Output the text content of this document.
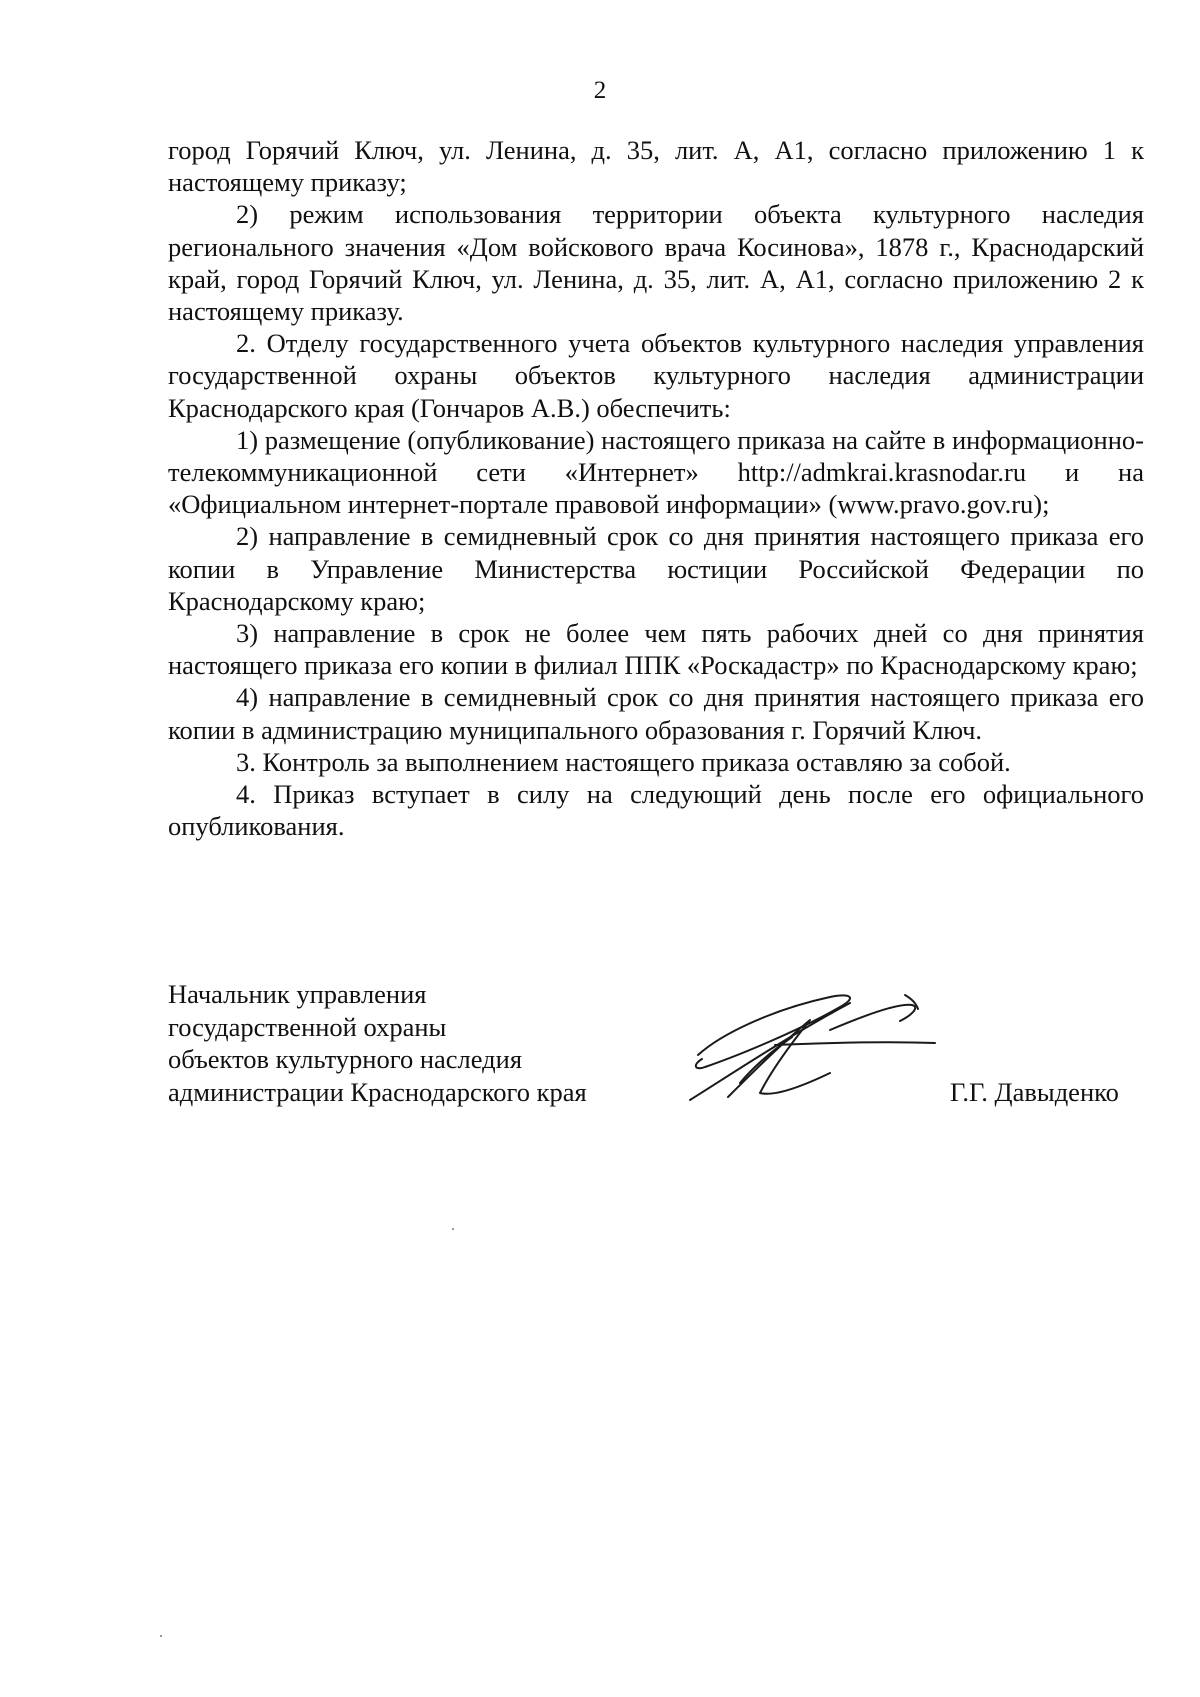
2

город Горячий Ключ, ул. Ленина, д. 35, лит. А, А1, согласно приложению 1 к настоящему приказу;

2) режим использования территории объекта культурного наследия регионального значения «Дом войскового врача Косинова», 1878 г., Краснодарский край, город Горячий Ключ, ул. Ленина, д. 35, лит. А, А1, согласно приложению 2 к настоящему приказу.

2. Отделу государственного учета объектов культурного наследия управления государственной охраны объектов культурного наследия администрации Краснодарского края (Гончаров А.В.) обеспечить:

1) размещение (опубликование) настоящего приказа на сайте в информационно-телекоммуникационной сети «Интернет» http://admkrai.krasnodar.ru и на «Официальном интернет-портале правовой информации» (www.pravo.gov.ru);

2) направление в семидневный срок со дня принятия настоящего приказа его копии в Управление Министерства юстиции Российской Федерации по Краснодарскому краю;

3) направление в срок не более чем пять рабочих дней со дня принятия настоящего приказа его копии в филиал ППК «Роскадастр» по Краснодарскому краю;

4) направление в семидневный срок со дня принятия настоящего приказа его копии в администрацию муниципального образования г. Горячий Ключ.

3. Контроль за выполнением настоящего приказа оставляю за собой.

4. Приказ вступает в силу на следующий день после его официального опубликования.

Начальник управления
государственной охраны
объектов культурного наследия
администрации Краснодарского края	Г.Г. Давыденко
